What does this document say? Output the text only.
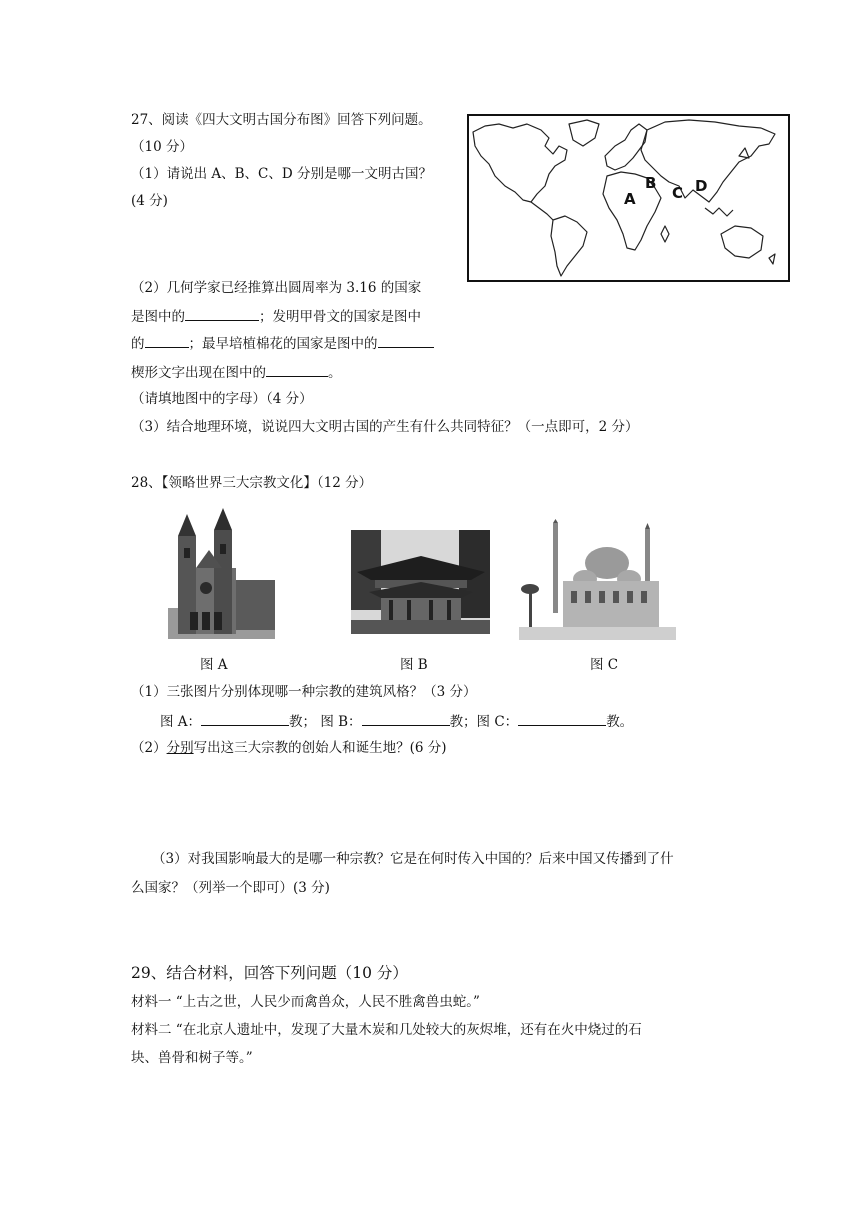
27、阅读《四大文明古国分布图》回答下列问题。
（10 分）
（1）请说出 A、B、C、D 分别是哪一文明古国？
(4 分)	A
B
C D
（2）几何学家已经推算出圆周率为 3.16 的国家
是图中的	；发明甲骨文的国家是图中
的	；最早培植棉花的国家是图中的
楔形文字出现在图中的	。
（请填地图中的字母）（4 分）
（3）结合地理环境，说说四大文明古国的产生有什么共同特征？（一点即可，2 分）
28、【领略世界三大宗教文化】（12 分）
图 A	图 B	图 C
（1）三张图片分别体现哪一种宗教的建筑风格？（3 分）
图 A：	教； 图 B：	教；图 C：	教。
（2）分别写出这三大宗教的创始人和诞生地？(6 分)
（3）对我国影响最大的是哪一种宗教？它是在何时传入中国的？后来中国又传播到了什
么国家？（列举一个即可）(3 分)
29、结合材料，回答下列问题（10 分）
材料一 “上古之世，人民少而禽兽众，人民不胜禽兽虫蛇。”
材料二 “在北京人遗址中，发现了大量木炭和几处较大的灰烬堆，还有在火中烧过的石
块、兽骨和树子等。”
